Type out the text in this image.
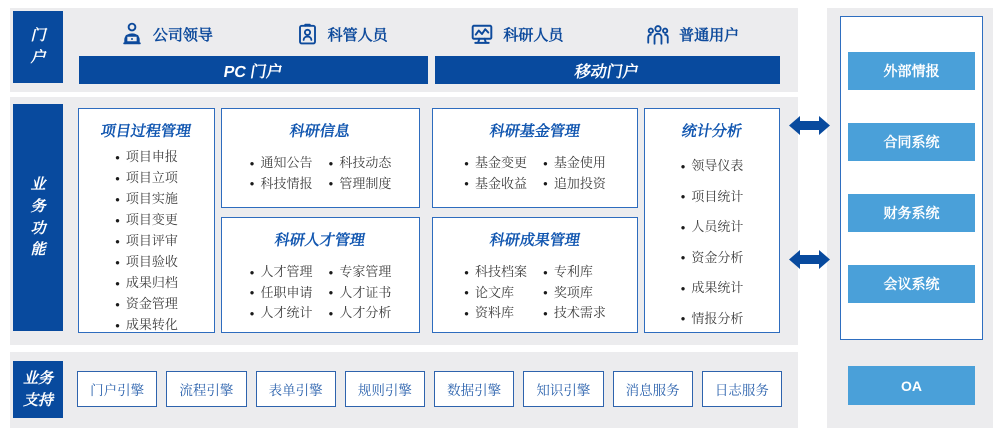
门户
业务功能
业务支持
公司领导	科管人员	科研人员	普通用户
PC 门户	移动门户
项目过程管理
● 项目申报
● 项目立项
● 项目实施
● 项目变更
● 项目评审
● 项目验收
● 成果归档
● 资金管理
● 成果转化
科研信息
● 通知公告
● 科技情报
● 科技动态
● 管理制度
科研人才管理
● 人才管理
● 任职申请
● 人才统计
● 专家管理
● 人才证书
● 人才分析
科研基金管理
● 基金变更
● 基金收益
● 基金使用
● 追加投资
科研成果管理
● 科技档案
● 论文库
● 资料库
● 专利库
● 奖项库
● 技术需求
统计分析
● 领导仪表
● 项目统计
● 人员统计
● 资金分析
● 成果统计
● 情报分析
门户引擎	流程引擎	表单引擎	规则引擎	数据引擎	知识引擎	消息服务	日志服务
外部情报
合同系统
财务系统
会议系统
OA
